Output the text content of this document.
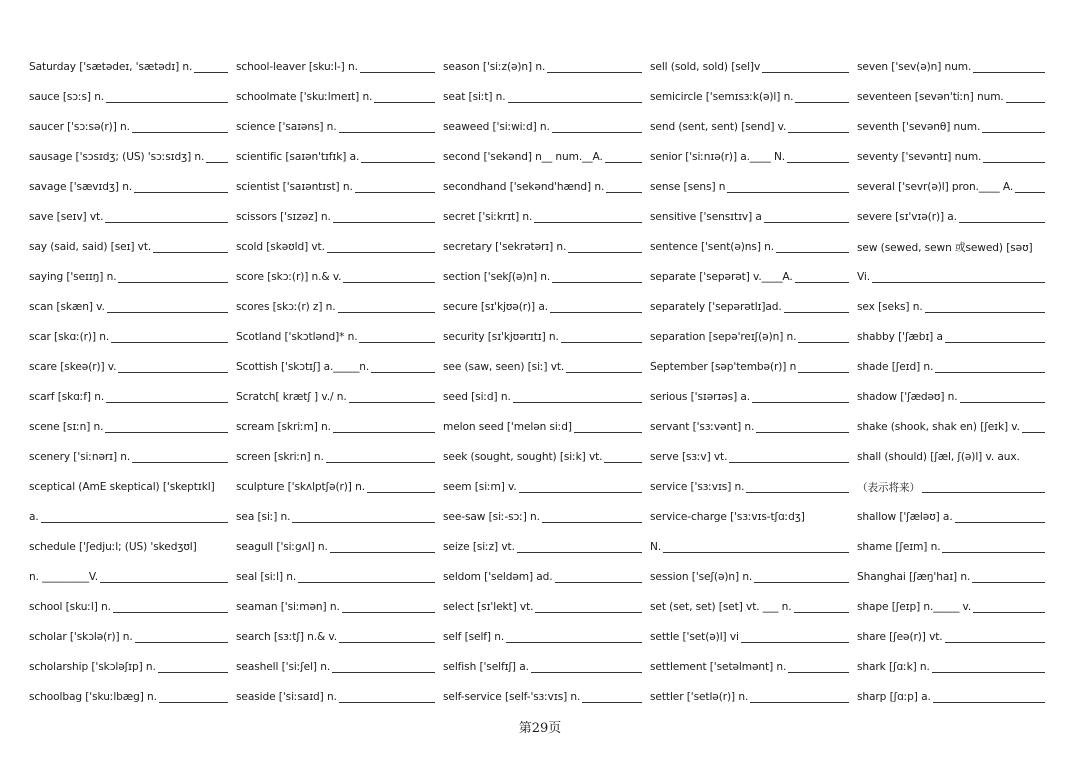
Saturday ['sætədeɪ, 'sætədɪ] n.
sauce [sɔːs] n.
saucer ['sɔːsə(r)] n.
sausage ['sɔsɪdʒ; (US) 'sɔːsɪdʒ] n.
savage ['sævɪdʒ] n.
save [seɪv] vt.
say (said, said) [seɪ] vt.
saying ['seɪɪŋ] n.
scan [skæn] v.
scar [skɑː(r)] n.
scare [skeə(r)] v.
scarf [skɑːf] n.
scene [sɪːn] n.
scenery ['siːnərɪ] n.
sceptical (AmE skeptical) ['skeptɪkl]
a.
schedule ['ʃedjuːl; (US) 'skedʒʊl]
n. _________V.
school [skuːl] n.
scholar ['skɔlə(r)] n.
scholarship ['skɔləʃɪp] n.
schoolbag ['skuːlbæg] n.
school-leaver [skuːl-] n.
schoolmate ['skuːlmeɪt] n.
science ['saɪəns] n.
scientific [saɪən'tɪfɪk] a.
scientist ['saɪəntɪst] n.
scissors ['sɪzəz] n.
scold [skəʊld] vt.
score [skɔː(r)] n.& v.
scores [skɔː(r) z] n.
Scotland ['skɔtlənd]* n.
Scottish ['skɔtɪʃ] a._____n.
Scratch[ krætʃ ] v./ n.
scream [skriːm] n.
screen [skriːn] n.
sculpture ['skʌlptʃə(r)] n.
sea [siː] n.
seagull ['siːgʌl] n.
seal [siːl] n.
seaman ['siːmən] n.
search [sɜːtʃ] n.& v.
seashell ['siːʃel] n.
seaside ['siːsaɪd] n.
season ['siːz(ə)n] n.
seat [siːt] n.
seaweed ['siːwiːd] n.
second ['sekənd] n__ num.__A.
secondhand ['sekənd'hænd] n.
secret ['siːkrɪt] n.
secretary ['sekrətərɪ] n.
section ['sekʃ(ə)n] n.
secure [sɪ'kjʊə(r)] a.
security [sɪ'kjʊərɪtɪ] n.
see (saw, seen) [siː] vt.
seed [siːd] n.
melon seed ['melən siːd]
seek (sought, sought) [siːk] vt.
seem [siːm] v.
see-saw [siː-sɔː] n.
seize [siːz] vt.
seldom ['seldəm] ad.
select [sɪ'lekt] vt.
self [self] n.
selfish ['selfɪʃ] a.
self-service [self-'sɜːvɪs] n.
sell (sold, sold) [sel]v
semicircle ['semɪsɜːk(ə)l] n.
send (sent, sent) [send] v.
senior ['siːnɪə(r)] a.____ N.
sense [sens] n
sensitive ['sensɪtɪv] a
sentence ['sent(ə)ns] n.
separate ['sepərət] v.____A.
separately ['sepərətlɪ]ad.
separation [sepə'reɪʃ(ə)n] n.
September [səp'tembə(r)] n
serious ['sɪərɪəs] a.
servant ['sɜːvənt] n.
serve [sɜːv] vt.
service ['sɜːvɪs] n.
service-charge ['sɜːvɪs-tʃɑːdʒ]
N.
session ['seʃ(ə)n] n.
set (set, set) [set] vt. ___ n.
settle ['set(ə)l] vi
settlement ['setəlmənt] n.
settler ['setlə(r)] n.
seven ['sev(ə)n] num.
seventeen [sevən'tiːn] num.
seventh ['sevənθ] num.
seventy ['sevəntɪ] num.
several ['sevr(ə)l] pron.____ A.
severe [sɪ'vɪə(r)] a.
sew (sewed, sewn 或sewed) [səʊ]
Vi.
sex [seks] n.
shabby ['ʃæbɪ] a
shade [ʃeɪd] n.
shadow ['ʃædəʊ] n.
shake (shook, shak en) [ʃeɪk] v.
shall (should) [ʃæl, ʃ(ə)l] v. aux.
（表示将来）
shallow ['ʃæləʊ] a.
shame [ʃeɪm] n.
Shanghai [ʃæŋ'haɪ] n.
shape [ʃeɪp] n._____ v.
share [ʃeə(r)] vt.
shark [ʃɑːk] n.
sharp [ʃɑːp] a.
第29页
